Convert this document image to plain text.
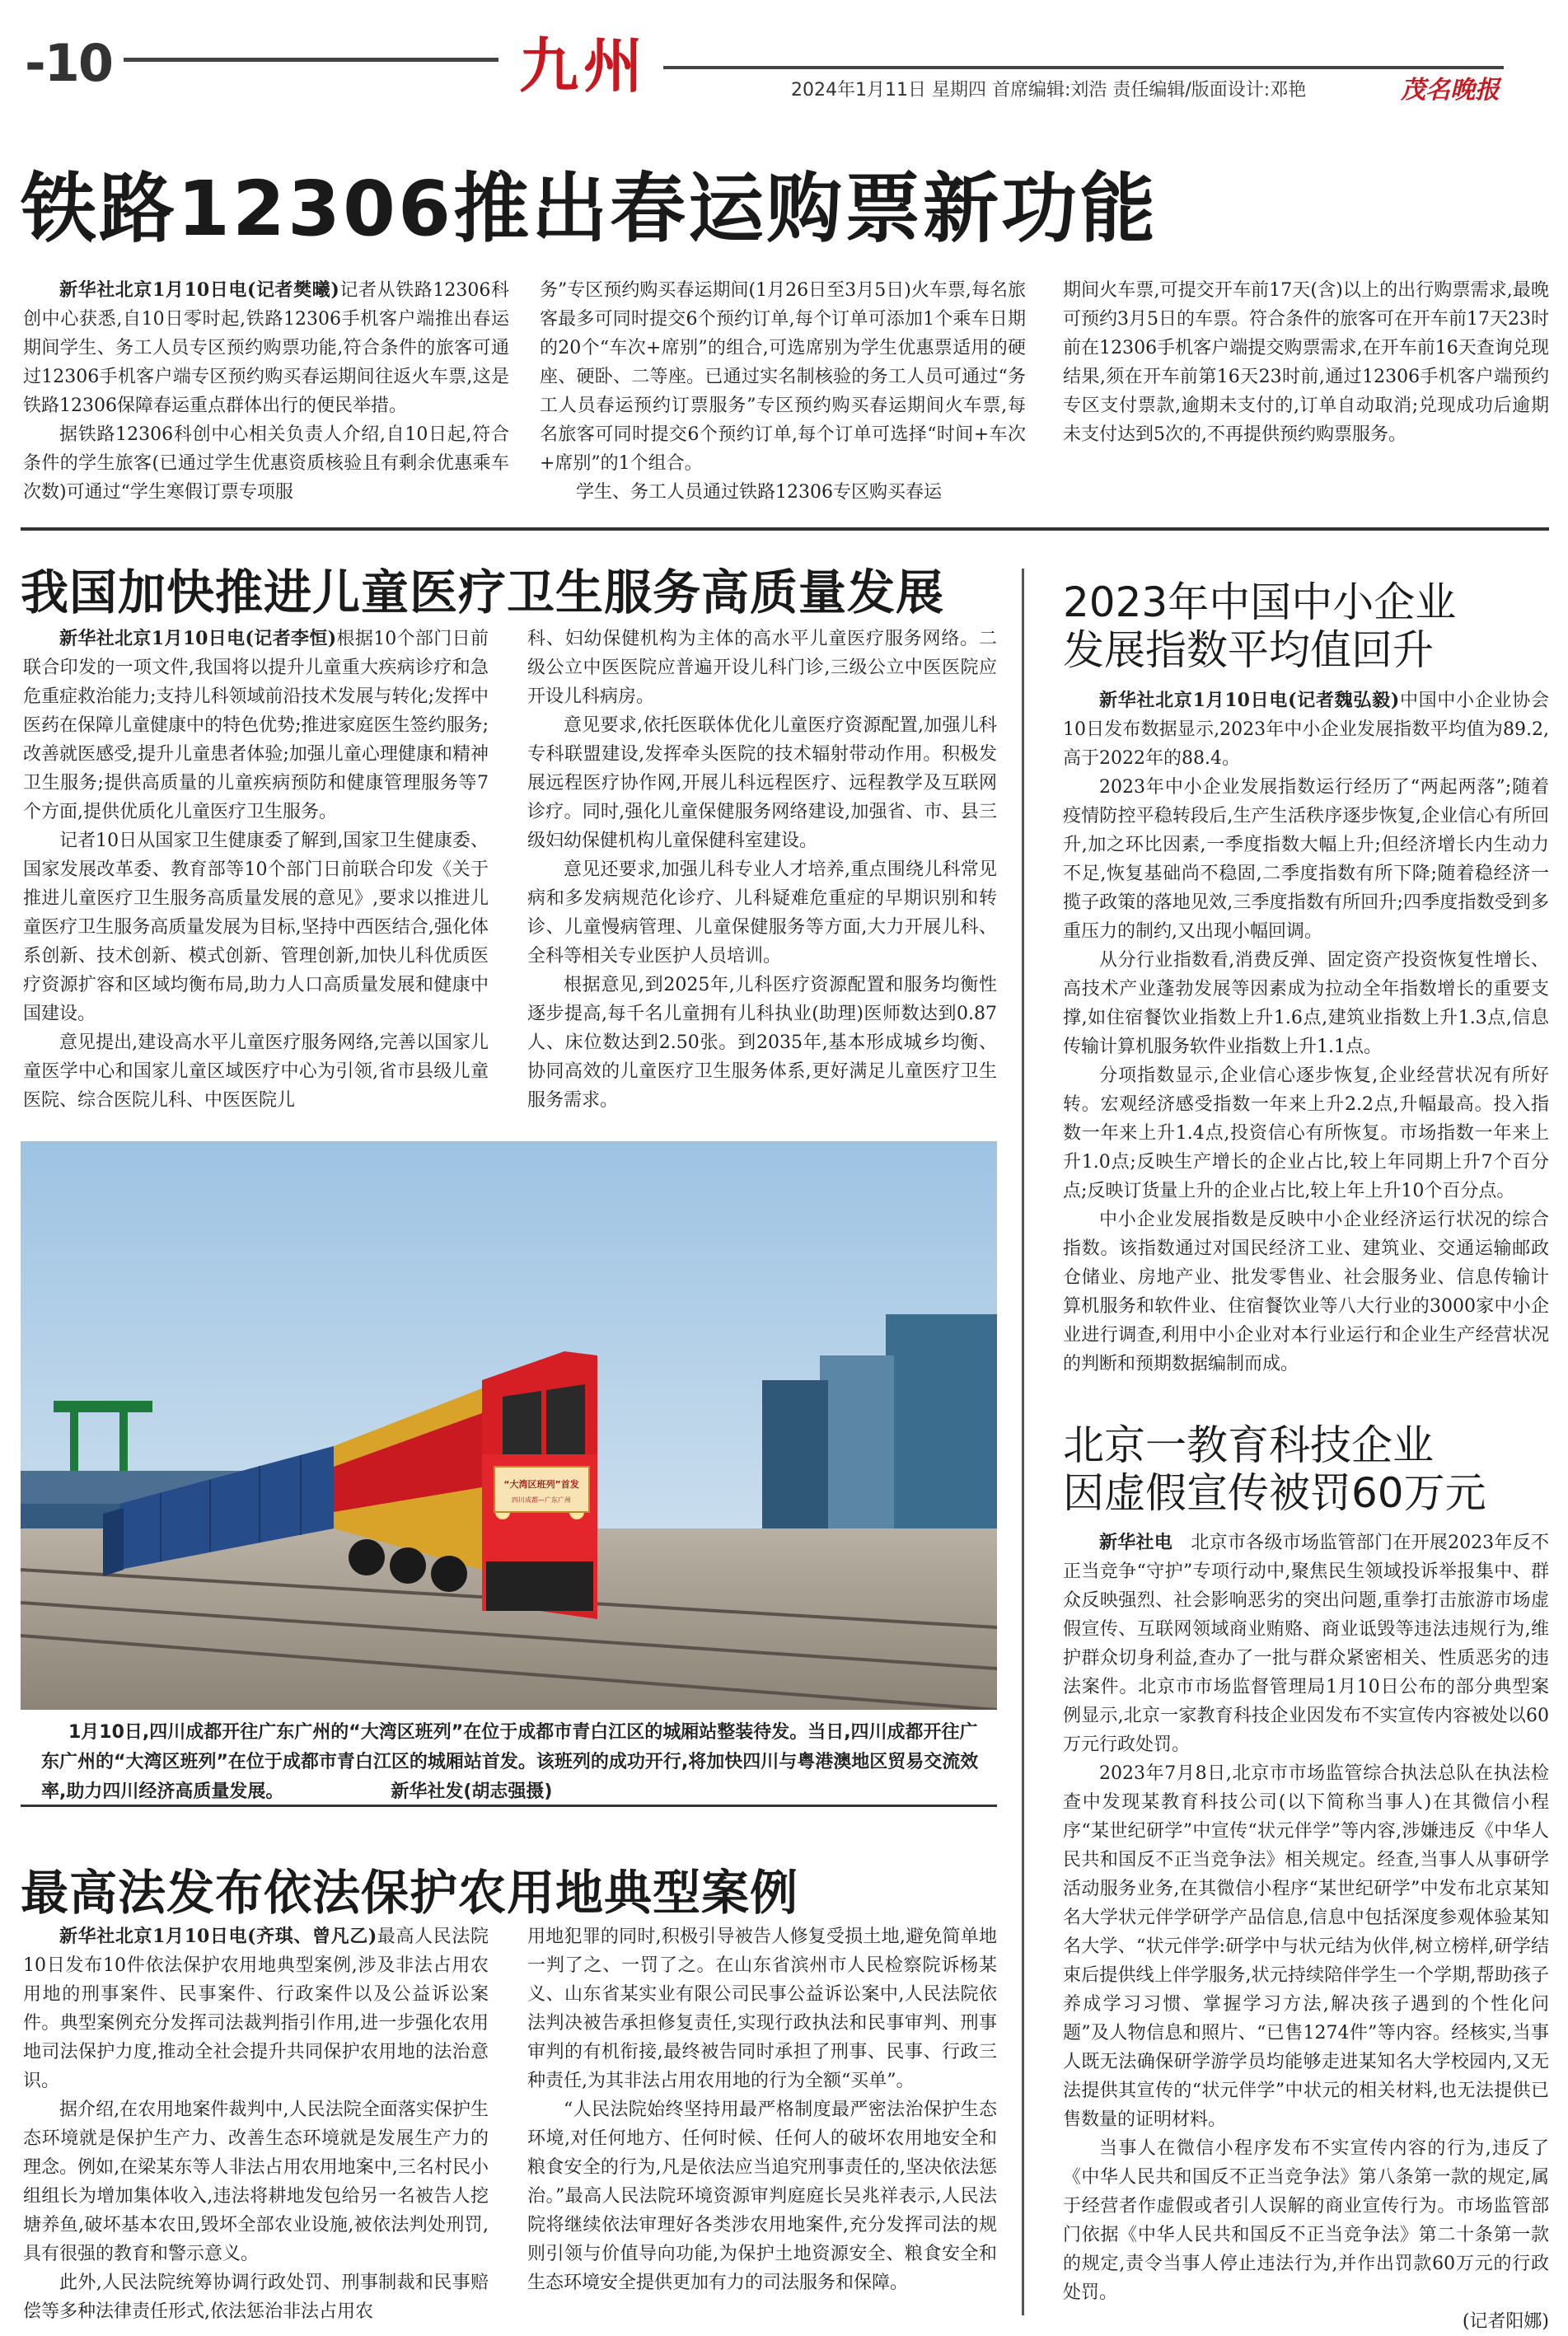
-10	九州	2024年1月11日 星期四 首席编辑:刘浩 责任编辑/版面设计:邓艳	茂名晚报
铁路12306推出春运购票新功能

新华社北京1月10日电(记者樊曦)记者从铁路12306科创中心获悉,自10日零时起,铁路12306手机客户端推出春运期间学生、务工人员专区预约购票功能,符合条件的旅客可通过12306手机客户端专区预约购买春运期间往返火车票,这是铁路12306保障春运重点群体出行的便民举措。

据铁路12306科创中心相关负责人介绍,自10日起,符合条件的学生旅客(已通过学生优惠资质核验且有剩余优惠乘车次数)可通过“学生寒假订票专项服

务”专区预约购买春运期间(1月26日至3月5日)火车票,每名旅客最多可同时提交6个预约订单,每个订单可添加1个乘车日期的20个“车次+席别”的组合,可选席别为学生优惠票适用的硬座、硬卧、二等座。已通过实名制核验的务工人员可通过“务工人员春运预约订票服务”专区预约购买春运期间火车票,每名旅客可同时提交6个预约订单,每个订单可选择“时间+车次+席别”的1个组合。

学生、务工人员通过铁路12306专区购买春运

期间火车票,可提交开车前17天(含)以上的出行购票需求,最晚可预约3月5日的车票。符合条件的旅客可在开车前17天23时前在12306手机客户端提交购票需求,在开车前16天查询兑现结果,须在开车前第16天23时前,通过12306手机客户端预约专区支付票款,逾期未支付的,订单自动取消;兑现成功后逾期未支付达到5次的,不再提供预约购票服务。

我国加快推进儿童医疗卫生服务高质量发展

新华社北京1月10日电(记者李恒)根据10个部门日前联合印发的一项文件,我国将以提升儿童重大疾病诊疗和急危重症救治能力;支持儿科领域前沿技术发展与转化;发挥中医药在保障儿童健康中的特色优势;推进家庭医生签约服务;改善就医感受,提升儿童患者体验;加强儿童心理健康和精神卫生服务;提供高质量的儿童疾病预防和健康管理服务等7个方面,提供优质化儿童医疗卫生服务。

记者10日从国家卫生健康委了解到,国家卫生健康委、国家发展改革委、教育部等10个部门日前联合印发《关于推进儿童医疗卫生服务高质量发展的意见》,要求以推进儿童医疗卫生服务高质量发展为目标,坚持中西医结合,强化体系创新、技术创新、模式创新、管理创新,加快儿科优质医疗资源扩容和区域均衡布局,助力人口高质量发展和健康中国建设。

意见提出,建设高水平儿童医疗服务网络,完善以国家儿童医学中心和国家儿童区域医疗中心为引领,省市县级儿童医院、综合医院儿科、中医医院儿

科、妇幼保健机构为主体的高水平儿童医疗服务网络。二级公立中医医院应普遍开设儿科门诊,三级公立中医医院应开设儿科病房。

意见要求,依托医联体优化儿童医疗资源配置,加强儿科专科联盟建设,发挥牵头医院的技术辐射带动作用。积极发展远程医疗协作网,开展儿科远程医疗、远程教学及互联网诊疗。同时,强化儿童保健服务网络建设,加强省、市、县三级妇幼保健机构儿童保健科室建设。

意见还要求,加强儿科专业人才培养,重点围绕儿科常见病和多发病规范化诊疗、儿科疑难危重症的早期识别和转诊、儿童慢病管理、儿童保健服务等方面,大力开展儿科、全科等相关专业医护人员培训。

根据意见,到2025年,儿科医疗资源配置和服务均衡性逐步提高,每千名儿童拥有儿科执业(助理)医师数达到0.87人、床位数达到2.50张。到2035年,基本形成城乡均衡、协同高效的儿童医疗卫生服务体系,更好满足儿童医疗卫生服务需求。

“大湾区班列”首发
四川成都—广东广州
1月10日,四川成都开往广东广州的“大湾区班列”在位于成都市青白江区的城厢站整装待发。当日,四川成都开往广东广州的“大湾区班列”在位于成都市青白江区的城厢站首发。该班列的成功开行,将加快四川与粤港澳地区贸易交流效率,助力四川经济高质量发展。	新华社发(胡志强摄)
最高法发布依法保护农用地典型案例

新华社北京1月10日电(齐琪、曾凡乙)最高人民法院10日发布10件依法保护农用地典型案例,涉及非法占用农用地的刑事案件、民事案件、行政案件以及公益诉讼案件。典型案例充分发挥司法裁判指引作用,进一步强化农用地司法保护力度,推动全社会提升共同保护农用地的法治意识。

据介绍,在农用地案件裁判中,人民法院全面落实保护生态环境就是保护生产力、改善生态环境就是发展生产力的理念。例如,在梁某东等人非法占用农用地案中,三名村民小组组长为增加集体收入,违法将耕地发包给另一名被告人挖塘养鱼,破坏基本农田,毁坏全部农业设施,被依法判处刑罚,具有很强的教育和警示意义。

此外,人民法院统筹协调行政处罚、刑事制裁和民事赔偿等多种法律责任形式,依法惩治非法占用农

用地犯罪的同时,积极引导被告人修复受损土地,避免简单地一判了之、一罚了之。在山东省滨州市人民检察院诉杨某义、山东省某实业有限公司民事公益诉讼案中,人民法院依法判决被告承担修复责任,实现行政执法和民事审判、刑事审判的有机衔接,最终被告同时承担了刑事、民事、行政三种责任,为其非法占用农用地的行为全额“买单”。

“人民法院始终坚持用最严格制度最严密法治保护生态环境,对任何地方、任何时候、任何人的破坏农用地安全和粮食安全的行为,凡是依法应当追究刑事责任的,坚决依法惩治。”最高人民法院环境资源审判庭庭长吴兆祥表示,人民法院将继续依法审理好各类涉农用地案件,充分发挥司法的规则引领与价值导向功能,为保护土地资源安全、粮食安全和生态环境安全提供更加有力的司法服务和保障。

2023年中国中小企业
发展指数平均值回升

新华社北京1月10日电(记者魏弘毅)中国中小企业协会10日发布数据显示,2023年中小企业发展指数平均值为89.2,高于2022年的88.4。

2023年中小企业发展指数运行经历了“两起两落”;随着疫情防控平稳转段后,生产生活秩序逐步恢复,企业信心有所回升,加之环比因素,一季度指数大幅上升;但经济增长内生动力不足,恢复基础尚不稳固,二季度指数有所下降;随着稳经济一揽子政策的落地见效,三季度指数有所回升;四季度指数受到多重压力的制约,又出现小幅回调。

从分行业指数看,消费反弹、固定资产投资恢复性增长、高技术产业蓬勃发展等因素成为拉动全年指数增长的重要支撑,如住宿餐饮业指数上升1.6点,建筑业指数上升1.3点,信息传输计算机服务软件业指数上升1.1点。

分项指数显示,企业信心逐步恢复,企业经营状况有所好转。宏观经济感受指数一年来上升2.2点,升幅最高。投入指数一年来上升1.4点,投资信心有所恢复。市场指数一年来上升1.0点;反映生产增长的企业占比,较上年同期上升7个百分点;反映订货量上升的企业占比,较上年上升10个百分点。

中小企业发展指数是反映中小企业经济运行状况的综合指数。该指数通过对国民经济工业、建筑业、交通运输邮政仓储业、房地产业、批发零售业、社会服务业、信息传输计算机服务和软件业、住宿餐饮业等八大行业的3000家中小企业进行调查,利用中小企业对本行业运行和企业生产经营状况的判断和预期数据编制而成。

北京一教育科技企业
因虚假宣传被罚60万元

新华社电  北京市各级市场监管部门在开展2023年反不正当竞争“守护”专项行动中,聚焦民生领域投诉举报集中、群众反映强烈、社会影响恶劣的突出问题,重拳打击旅游市场虚假宣传、互联网领域商业贿赂、商业诋毁等违法违规行为,维护群众切身利益,查办了一批与群众紧密相关、性质恶劣的违法案件。北京市市场监督管理局1月10日公布的部分典型案例显示,北京一家教育科技企业因发布不实宣传内容被处以60万元行政处罚。

2023年7月8日,北京市市场监管综合执法总队在执法检查中发现某教育科技公司(以下简称当事人)在其微信小程序“某世纪研学”中宣传“状元伴学”等内容,涉嫌违反《中华人民共和国反不正当竞争法》相关规定。经查,当事人从事研学活动服务业务,在其微信小程序“某世纪研学”中发布北京某知名大学状元伴学研学产品信息,信息中包括深度参观体验某知名大学、“状元伴学:研学中与状元结为伙伴,树立榜样,研学结束后提供线上伴学服务,状元持续陪伴学生一个学期,帮助孩子养成学习习惯、掌握学习方法,解决孩子遇到的个性化问题”及人物信息和照片、“已售1274件”等内容。经核实,当事人既无法确保研学游学员均能够走进某知名大学校园内,又无法提供其宣传的“状元伴学”中状元的相关材料,也无法提供已售数量的证明材料。

当事人在微信小程序发布不实宣传内容的行为,违反了《中华人民共和国反不正当竞争法》第八条第一款的规定,属于经营者作虚假或者引人误解的商业宣传行为。市场监管部门依据《中华人民共和国反不正当竞争法》第二十条第一款的规定,责令当事人停止违法行为,并作出罚款60万元的行政处罚。

(记者阳娜)
